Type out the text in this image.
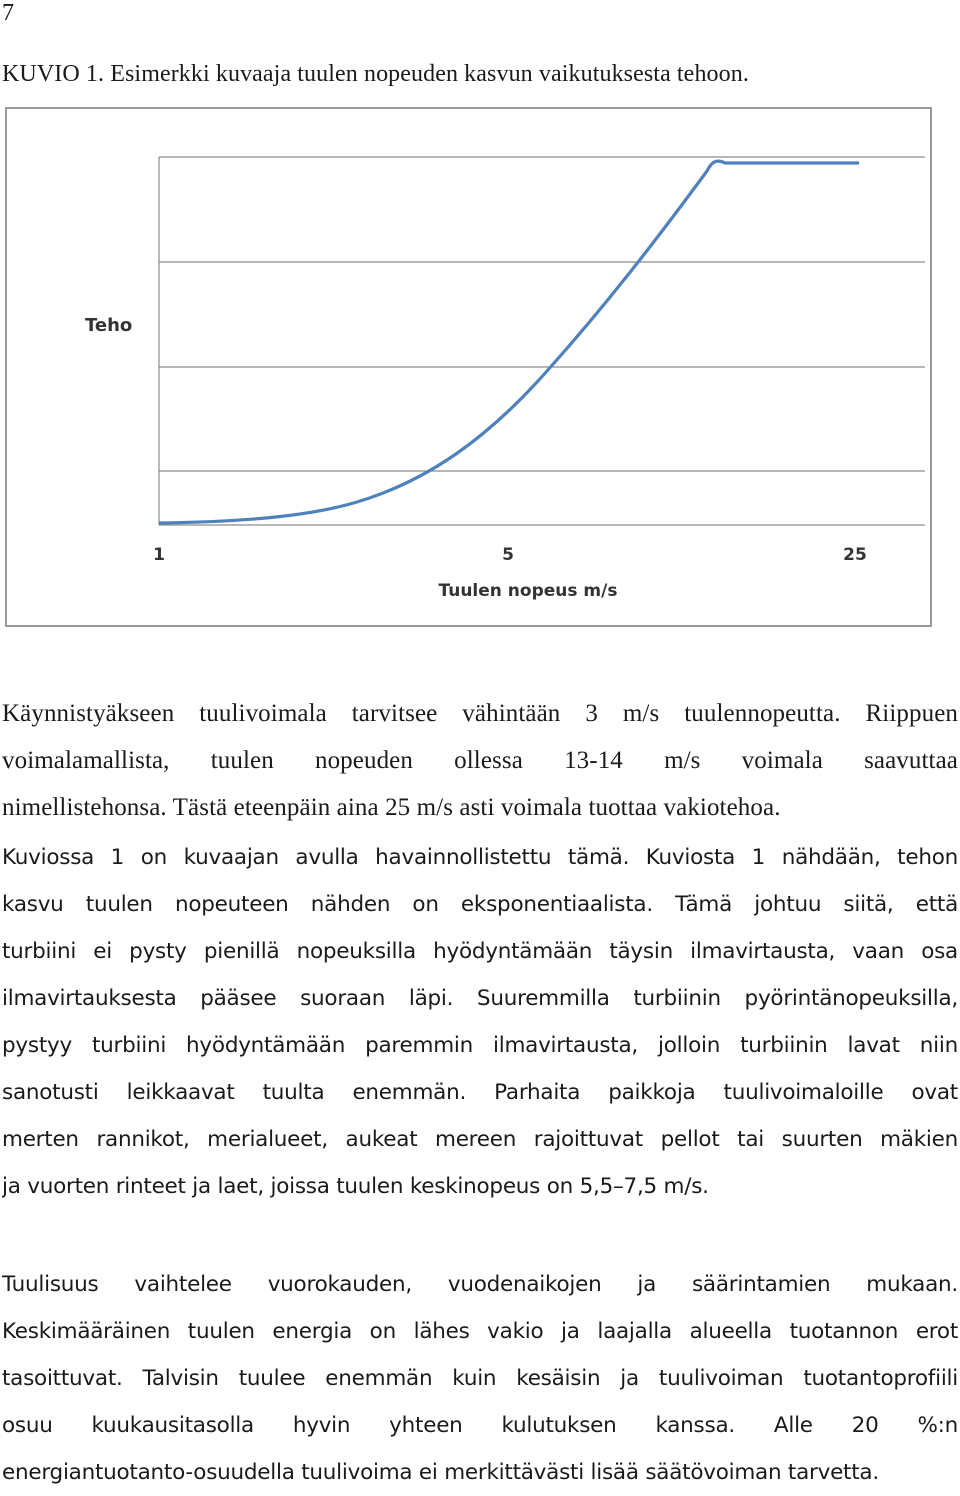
7
KUVIO 1. Esimerkki kuvaaja tuulen nopeuden kasvun vaikutuksesta tehoon.
Teho
1	5	25
Tuulen nopeus m/s
Käynnistyäkseen tuulivoimala tarvitsee vähintään 3 m/s tuulennopeutta. Riippuen
voimalamallista, tuulen nopeuden ollessa 13-14 m/s voimala saavuttaa
nimellistehonsa. Tästä eteenpäin aina 25 m/s asti voimala tuottaa vakiotehoa.
Kuviossa 1 on kuvaajan avulla havainnollistettu tämä. Kuviosta 1 nähdään, tehon
kasvu tuulen nopeuteen nähden on eksponentiaalista. Tämä johtuu siitä, että
turbiini ei pysty pienillä nopeuksilla hyödyntämään täysin ilmavirtausta, vaan osa
ilmavirtauksesta pääsee suoraan läpi. Suuremmilla turbiinin pyörintänopeuksilla,
pystyy turbiini hyödyntämään paremmin ilmavirtausta, jolloin turbiinin lavat niin
sanotusti leikkaavat tuulta enemmän. Parhaita paikkoja tuulivoimaloille ovat
merten rannikot, merialueet, aukeat mereen rajoittuvat pellot tai suurten mäkien
ja vuorten rinteet ja laet, joissa tuulen keskinopeus on 5,5–7,5 m/s.
Tuulisuus vaihtelee vuorokauden, vuodenaikojen ja säärintamien mukaan.
Keskimääräinen tuulen energia on lähes vakio ja laajalla alueella tuotannon erot
tasoittuvat. Talvisin tuulee enemmän kuin kesäisin ja tuulivoiman tuotantoprofiili
osuu kuukausitasolla hyvin yhteen kulutuksen kanssa. Alle 20 %:n
energiantuotanto-osuudella tuulivoima ei merkittävästi lisää säätövoiman tarvetta.
